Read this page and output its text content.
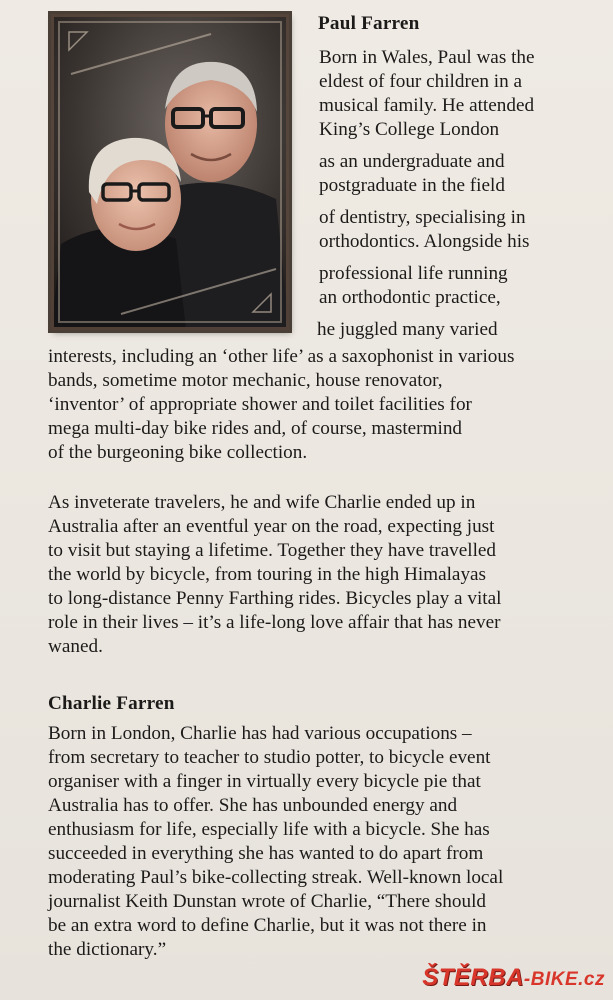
Paul Farren
Born in Wales, Paul was the
eldest of four children in a
musical family. He attended
King’s College London
as an undergraduate and
postgraduate in the field
of dentistry, specialising in
orthodontics. Alongside his
professional life running
an orthodontic practice,
he juggled many varied
interests, including an ‘other life’ as a saxophonist in various
bands, sometime motor mechanic, house renovator,
‘inventor’ of appropriate shower and toilet facilities for
mega multi-day bike rides and, of course, mastermind
of the burgeoning bike collection.
As inveterate travelers, he and wife Charlie ended up in
Australia after an eventful year on the road, expecting just
to visit but staying a lifetime. Together they have travelled
the world by bicycle, from touring in the high Himalayas
to long-distance Penny Farthing rides. Bicycles play a vital
role in their lives – it’s a life-long love affair that has never
waned.
Charlie Farren
Born in London, Charlie has had various occupations –
from secretary to teacher to studio potter, to bicycle event
organiser with a finger in virtually every bicycle pie that
Australia has to offer. She has unbounded energy and
enthusiasm for life, especially life with a bicycle. She has
succeeded in everything she has wanted to do apart from
moderating Paul’s bike-collecting streak. Well-known local
journalist Keith Dunstan wrote of Charlie, “There should
be an extra word to define Charlie, but it was not there in
the dictionary.”
ŠTĚRBA-BIKE.cz
